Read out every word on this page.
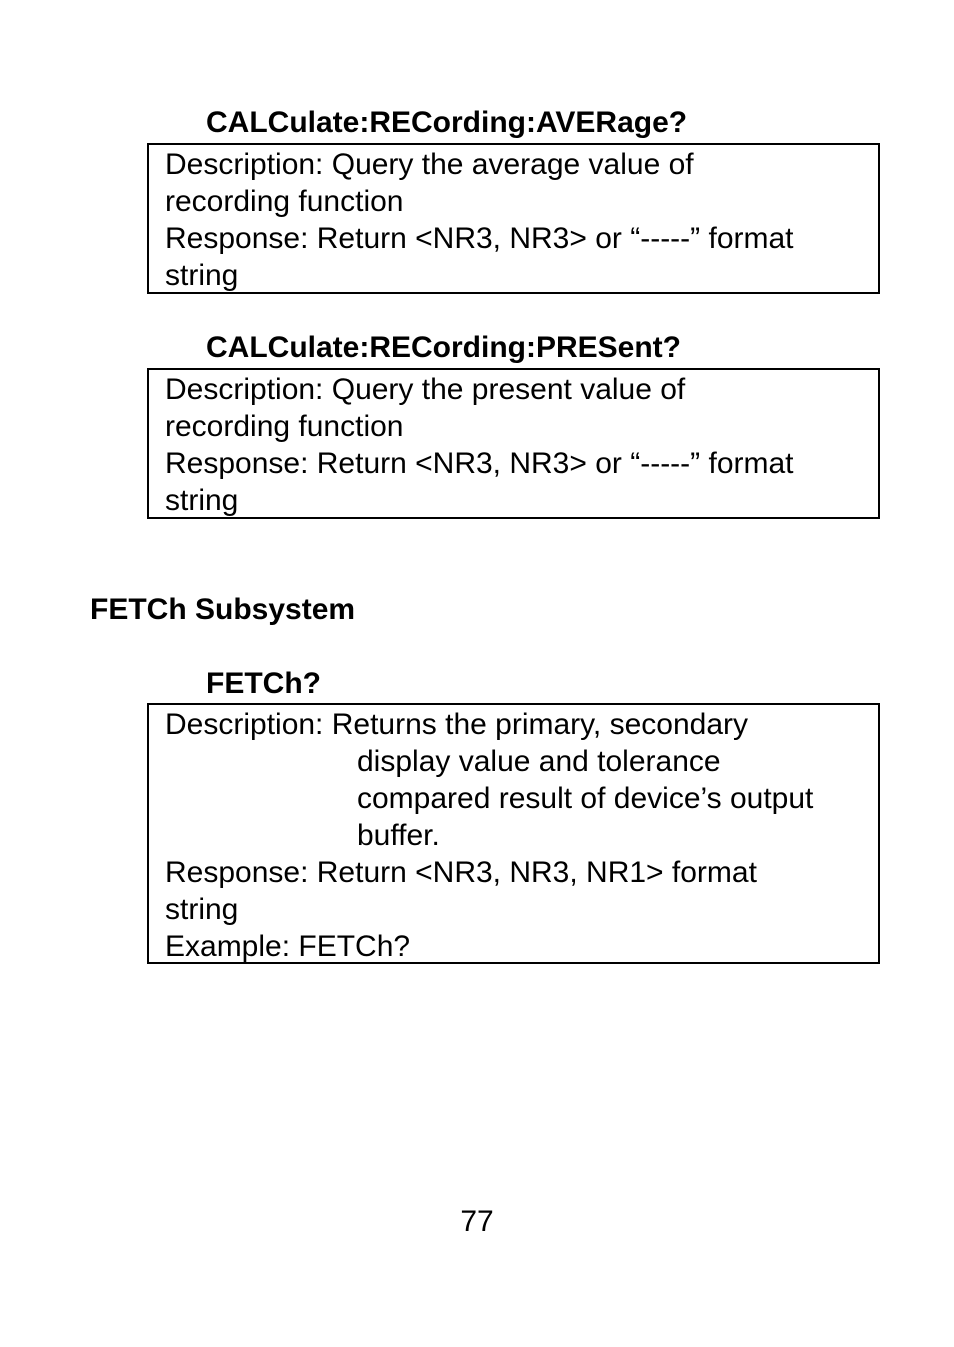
CALCulate:RECording:AVERage?
Description: Query the average value of
recording function
Response: Return <NR3, NR3> or “-----” format
string
CALCulate:RECording:PRESent?
Description: Query the present value of
recording function
Response: Return <NR3, NR3> or “-----” format
string
FETCh Subsystem
FETCh?
Description: Returns the primary, secondary
display value and tolerance
compared result of device’s output
buffer.
Response: Return <NR3, NR3, NR1> format
string
Example: FETCh?
77
